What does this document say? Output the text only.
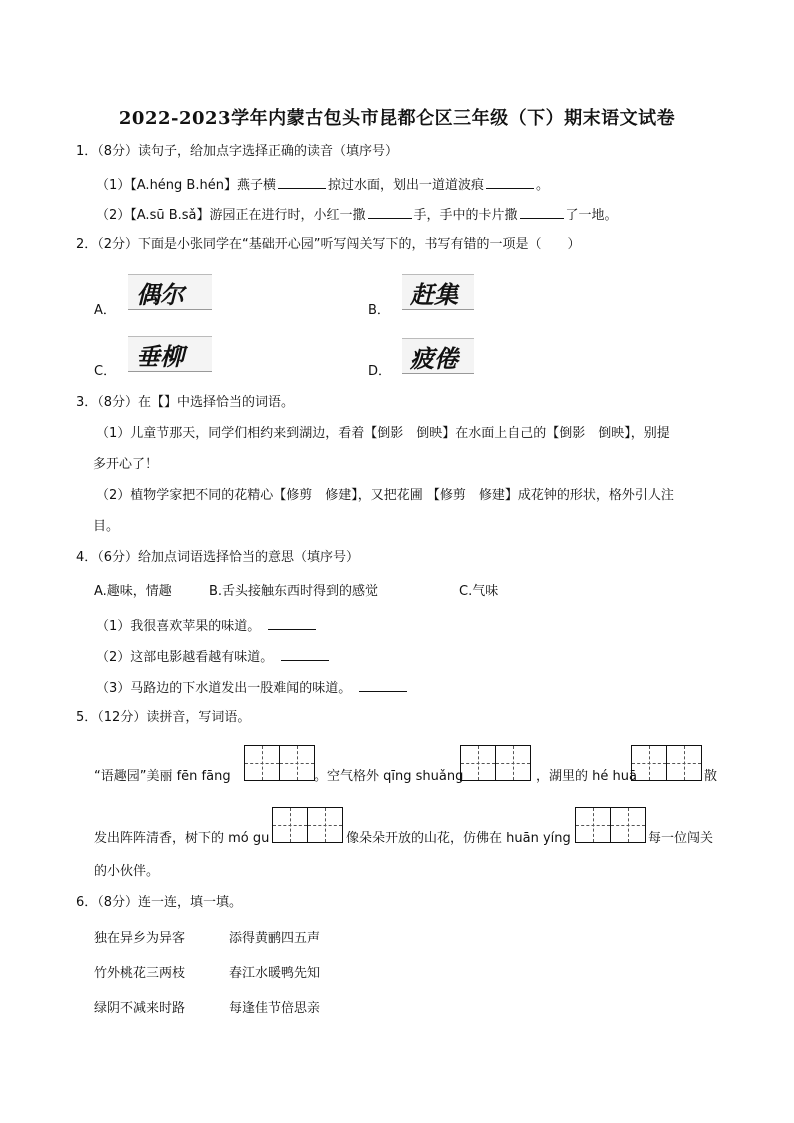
2022-2023学年内蒙古包头市昆都仑区三年级（下）期末语文试卷
1．（8分）读句子，给加点字选择正确的读音（填序号）
（1）【A.héng B.hén】燕子横	掠过水面，划出一道道波痕	。
（2）【A.sū B.sǎ】游园正在进行时，小红一撒	手，手中的卡片撒	了一地。
2．（2分）下面是小张同学在“基础开心园”听写闯关写下的，书写有错的一项是（　　）
A．
偶尔
B．
赶集
C．
垂柳
D． 疲倦
3．（8分）在【】中选择恰当的词语。
（1）儿童节那天，同学们相约来到湖边，看着【倒影　倒映】在水面上自己的【倒影　倒映】，别提
多开心了！
（2）植物学家把不同的花精心【修剪　修建】，又把花圃 【修剪　修建】成花钟的形状，格外引人注
目。
4．（6分）给加点词语选择恰当的意思（填序号）
A.趣味，情趣	B.舌头接触东西时得到的感觉	C.气味
（1）我很喜欢苹果的味道。
（2）这部电影越看越有味道。
（3）马路边的下水道发出一股难闻的味道。
5．（12分）读拼音，写词语。
“语趣园”美丽 fēn fāng	。空气格外 qīng shuǎng	，湖里的 hé huā	散
发出阵阵清香，树下的 mó gu	像朵朵开放的山花，仿佛在 huān yíng	每一位闯关
的小伙伴。
6．（8分）连一连，填一填。
独在异乡为异客	添得黄鹂四五声
竹外桃花三两枝	春江水暖鸭先知
绿阴不减来时路	每逢佳节倍思亲
